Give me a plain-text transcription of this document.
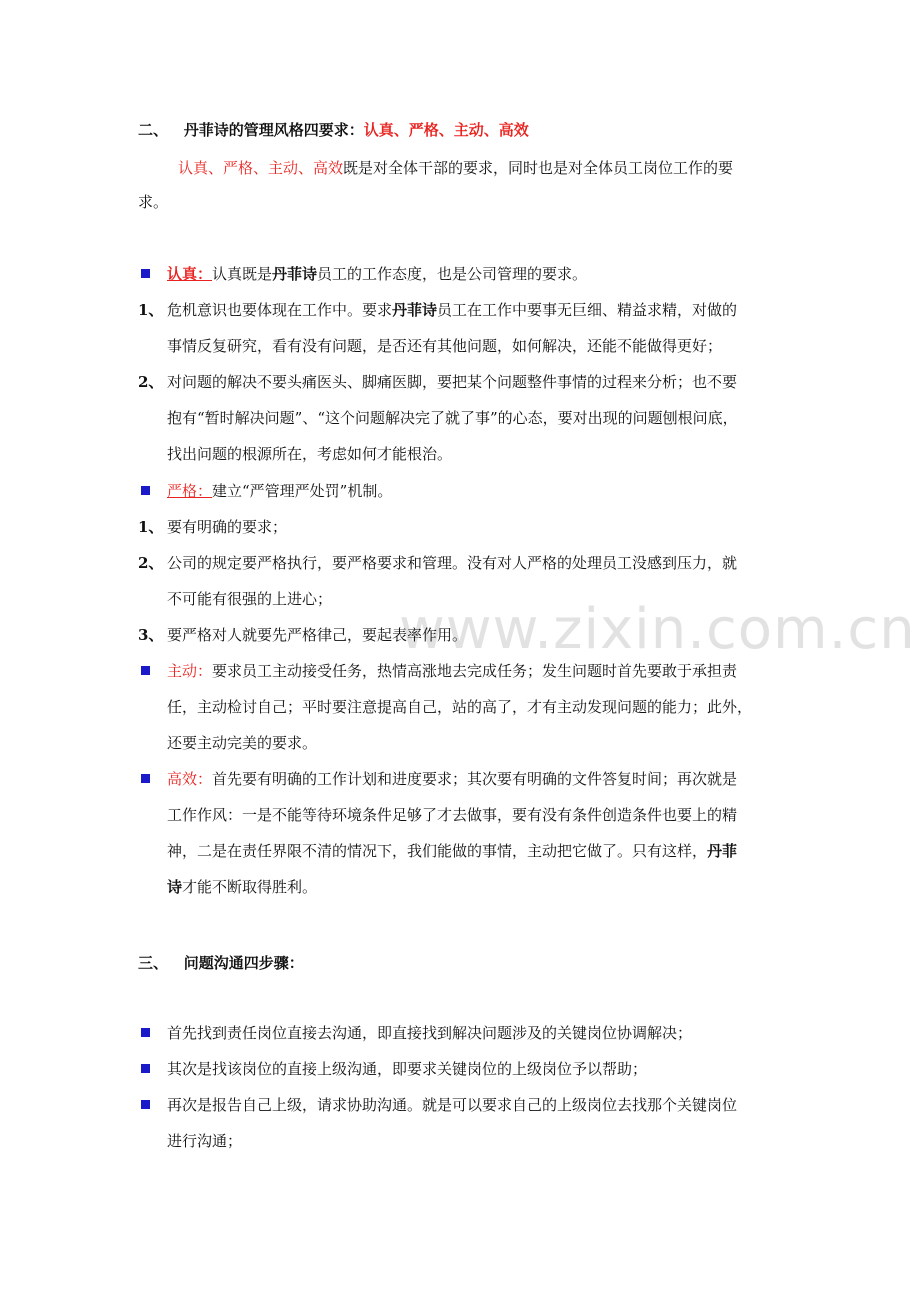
www.zixin.com.cn
二、 丹菲诗的管理风格四要求：认真、严格、主动、高效
认真、严格、主动、高效既是对全体干部的要求，同时也是对全体员工岗位工作的要
求。
认真：认真既是丹菲诗员工的工作态度，也是公司管理的要求。
1、 危机意识也要体现在工作中。要求丹菲诗员工在工作中要事无巨细、精益求精，对做的
事情反复研究，看有没有问题，是否还有其他问题，如何解决，还能不能做得更好；
2、 对问题的解决不要头痛医头、脚痛医脚，要把某个问题整件事情的过程来分析；也不要
抱有“暂时解决问题”、“这个问题解决完了就了事”的心态，要对出现的问题刨根问底，
找出问题的根源所在，考虑如何才能根治。
严格：建立“严管理严处罚”机制。
1、 要有明确的要求；
2、 公司的规定要严格执行，要严格要求和管理。没有对人严格的处理员工没感到压力，就
不可能有很强的上进心；
3、 要严格对人就要先严格律己，要起表率作用。
主动：要求员工主动接受任务，热情高涨地去完成任务；发生问题时首先要敢于承担责
任，主动检讨自己；平时要注意提高自己，站的高了，才有主动发现问题的能力；此外，
还要主动完美的要求。
高效：首先要有明确的工作计划和进度要求；其次要有明确的文件答复时间；再次就是
工作作风：一是不能等待环境条件足够了才去做事，要有没有条件创造条件也要上的精
神，二是在责任界限不清的情况下，我们能做的事情，主动把它做了。只有这样，丹菲
诗才能不断取得胜利。
三、 问题沟通四步骤：
首先找到责任岗位直接去沟通，即直接找到解决问题涉及的关键岗位协调解决；
其次是找该岗位的直接上级沟通，即要求关键岗位的上级岗位予以帮助；
再次是报告自己上级，请求协助沟通。就是可以要求自己的上级岗位去找那个关键岗位
进行沟通；
